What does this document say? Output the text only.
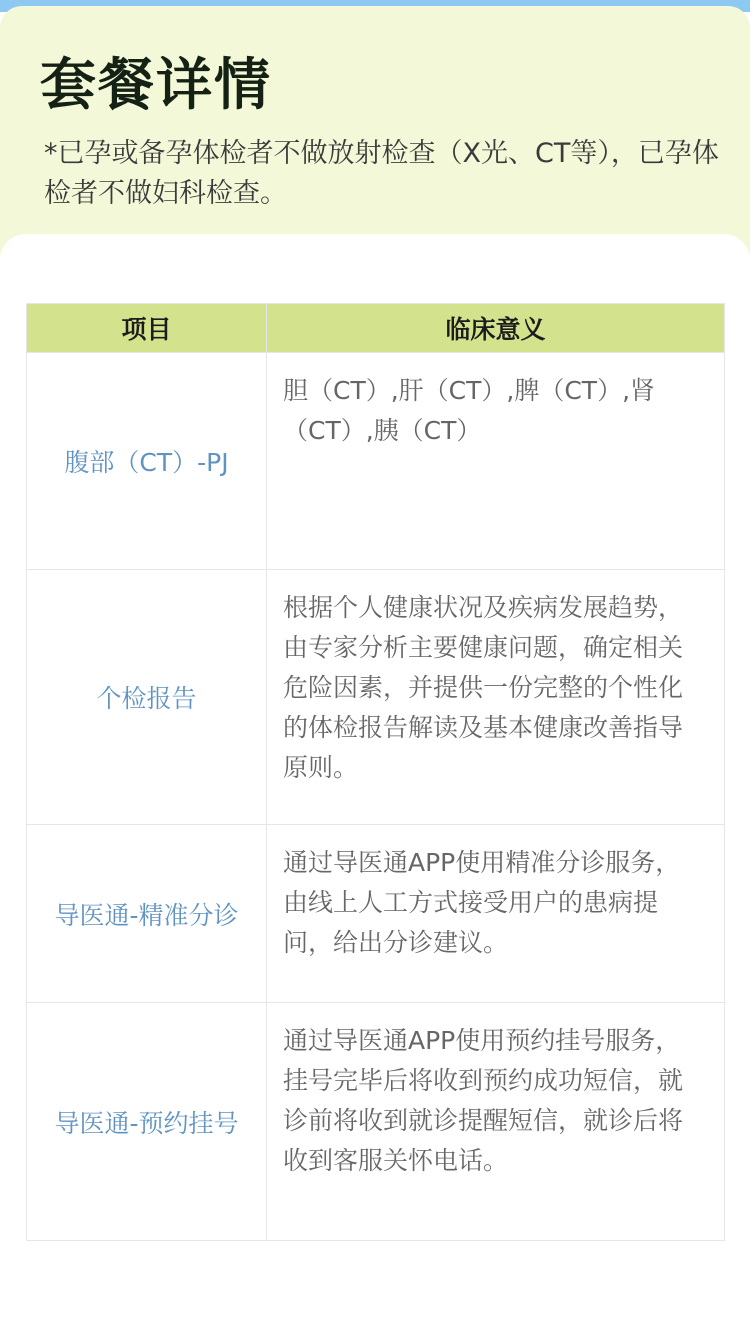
套餐详情

*已孕或备孕体检者不做放射检查（X光、CT等），已孕体检者不做妇科检查。

项目	临床意义
腹部（CT）-PJ	胆（CT）,肝（CT）,脾（CT）,肾（CT）,胰（CT）
个检报告	根据个人健康状况及疾病发展趋势，由专家分析主要健康问题，确定相关危险因素，并提供一份完整的个性化的体检报告解读及基本健康改善指导原则。
导医通-精准分诊	通过导医通APP使用精准分诊服务，由线上人工方式接受用户的患病提问，给出分诊建议。
导医通-预约挂号	通过导医通APP使用预约挂号服务，挂号完毕后将收到预约成功短信，就诊前将收到就诊提醒短信，就诊后将收到客服关怀电话。
